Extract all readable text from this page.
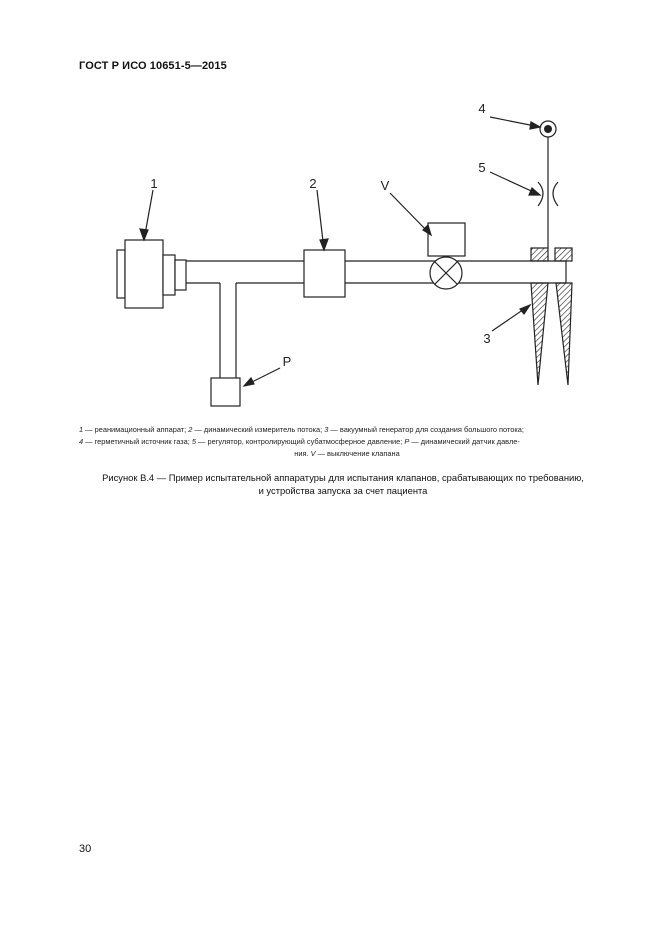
ГОСТ Р ИСО 10651-5—2015
1	2	V
4
5
3
P
1 — реанимационный аппарат; 2 — динамический измеритель потока; 3 — вакуумный генератор для создания большого потока;
4 — герметичный источник газа; 5 — регулятор, контролирующий субатмосферное давление; P — динамический датчик давле-
ния. V — выключение клапана
Рисунок В.4 — Пример испытательной аппаратуры для испытания клапанов, срабатывающих по требованию,
и устройства запуска за счет пациента
30
